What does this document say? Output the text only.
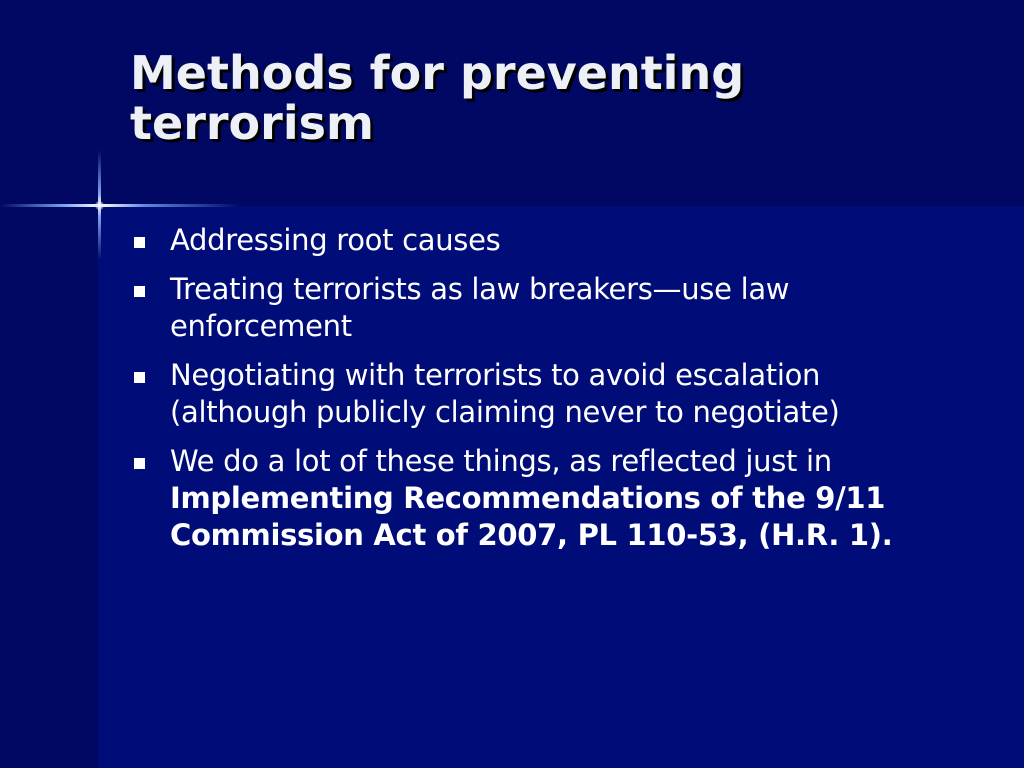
Methods for preventing terrorism
Addressing root causes
Treating terrorists as law breakers—use law enforcement
Negotiating with terrorists to avoid escalation (although publicly claiming never to negotiate)
We do a lot of these things, as reflected just in Implementing Recommendations of the 9/11 Commission Act of 2007, PL 110-53, (H.R. 1).
